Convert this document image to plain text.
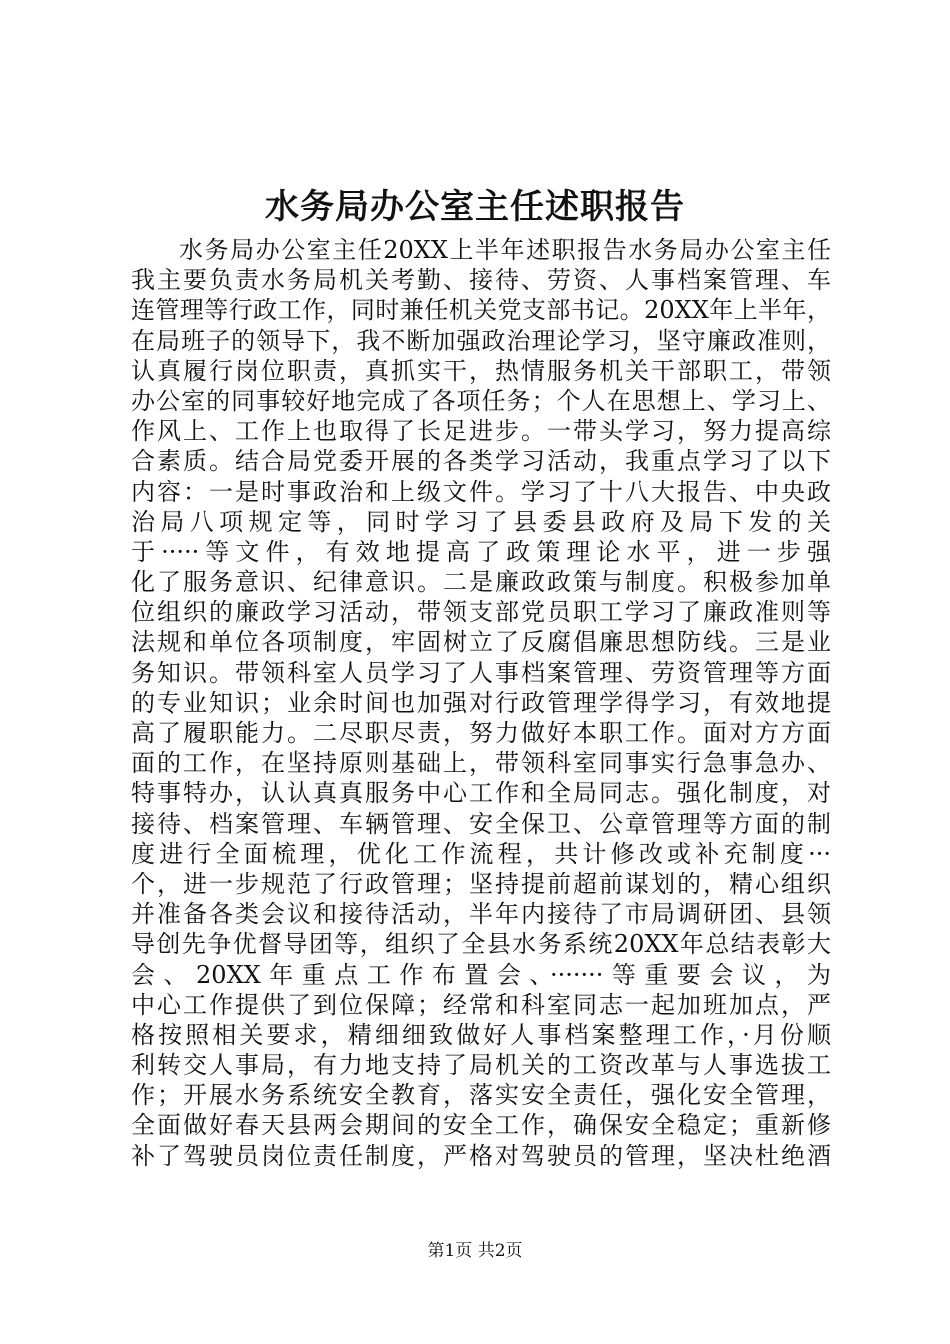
水务局办公室主任述职报告
水务局办公室主任20XX上半年述职报告水务局办公室主任
我主要负责水务局机关考勤、接待、劳资、人事档案管理、车
连管理等行政工作，同时兼任机关党支部书记。20XX年上半年，
在局班子的领导下，我不断加强政治理论学习，坚守廉政准则，
认真履行岗位职责，真抓实干，热情服务机关干部职工，带领
办公室的同事较好地完成了各项任务；个人在思想上、学习上、
作风上、工作上也取得了长足进步。一带头学习，努力提高综
合素质。结合局党委开展的各类学习活动，我重点学习了以下
内容：一是时事政治和上级文件。学习了十八大报告、中央政
治局八项规定等，同时学习了县委县政府及局下发的关
于·····等文件，有效地提高了政策理论水平，进一步强
化了服务意识、纪律意识。二是廉政政策与制度。积极参加单
位组织的廉政学习活动，带领支部党员职工学习了廉政准则等
法规和单位各项制度，牢固树立了反腐倡廉思想防线。三是业
务知识。带领科室人员学习了人事档案管理、劳资管理等方面
的专业知识；业余时间也加强对行政管理学得学习，有效地提
高了履职能力。二尽职尽责，努力做好本职工作。面对方方面
面的工作，在坚持原则基础上，带领科室同事实行急事急办、
特事特办，认认真真服务中心工作和全局同志。强化制度，对
接待、档案管理、车辆管理、安全保卫、公章管理等方面的制
度进行全面梳理，优化工作流程，共计修改或补充制度···
个，进一步规范了行政管理；坚持提前超前谋划的，精心组织
并准备各类会议和接待活动，半年内接待了市局调研团、县领
导创先争优督导团等，组织了全县水务系统20XX年总结表彰大
会、20XX年重点工作布置会、·······等重要会议，为
中心工作提供了到位保障；经常和科室同志一起加班加点，严
格按照相关要求，精细细致做好人事档案整理工作，·月份顺
利转交人事局，有力地支持了局机关的工资改革与人事选拔工
作；开展水务系统安全教育，落实安全责任，强化安全管理，
全面做好春天县两会期间的安全工作，确保安全稳定；重新修
补了驾驶员岗位责任制度，严格对驾驶员的管理，坚决杜绝酒
第1页 共2页
